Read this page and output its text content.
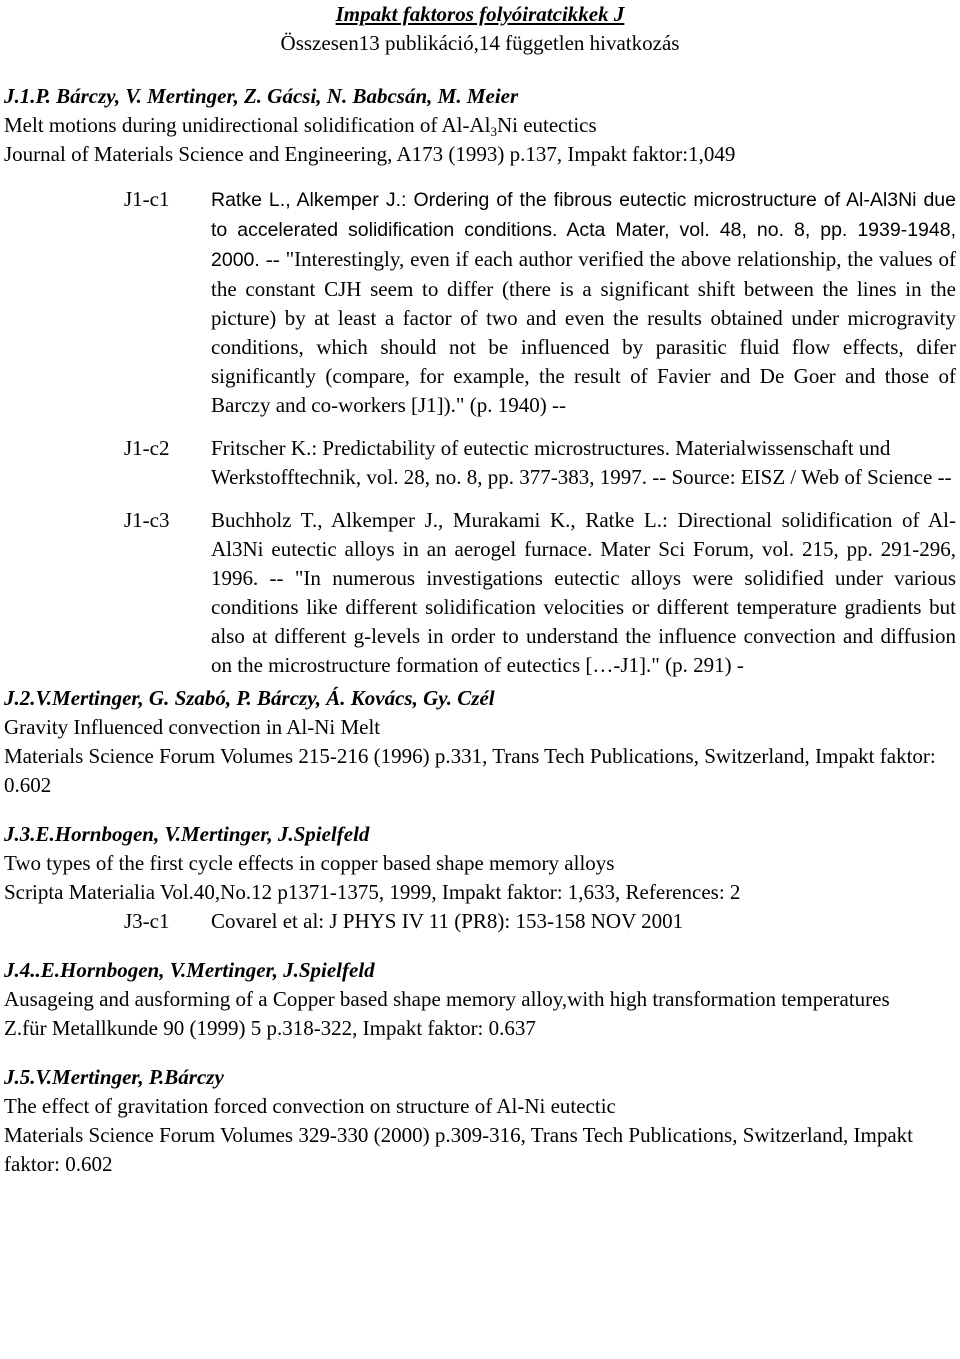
Impakt faktoros folyóiratcikkek J
Összesen13 publikáció,14 független hivatkozás
J.1.P. Bárczy, V. Mertinger, Z. Gácsi, N. Babcsán, M. Meier
Melt motions during unidirectional solidification of $Al-Al_3Ni$ eutectics
Journal of Materials Science and Engineering, A173 (1993) p.137, Impakt faktor:1,049
J1-c1	Ratke L., Alkemper J.: Ordering of the fibrous eutectic microstructure of Al-Al3Ni due to accelerated solidification conditions. Acta Mater, vol. 48, no. 8, pp. 1939-1948, 2000. -- "Interestingly, even if each author verified the above relationship, the values of the constant CJH seem to differ (there is a significant shift between the lines in the picture) by at least a factor of two and even the results obtained under microgravity conditions, which should not be influenced by parasitic fluid flow effects, difer significantly (compare, for example, the result of Favier and De Goer and those of Barczy and co-workers [J1])." (p. 1940) --
J1-c2	Fritscher K.: Predictability of eutectic microstructures. Materialwissenschaft und Werkstofftechnik, vol. 28, no. 8, pp. 377-383, 1997. -- Source: EISZ / Web of Science --
J1-c3	Buchholz T., Alkemper J., Murakami K., Ratke L.: Directional solidification of Al-Al3Ni eutectic alloys in an aerogel furnace. Mater Sci Forum, vol. 215, pp. 291-296, 1996. -- "In numerous investigations eutectic alloys were solidified under various conditions like different solidification velocities or different temperature gradients but also at different g-levels in order to understand the influence convection and diffusion on the microstructure formation of eutectics […-J1]." (p. 291) -
J.2.V.Mertinger, G. Szabó, P. Bárczy, Á. Kovács, Gy. Czél
Gravity Influenced convection in Al-Ni Melt
Materials Science Forum Volumes 215-216 (1996) p.331, Trans Tech Publications, Switzerland, Impakt faktor: 0.602
J.3.E.Hornbogen, V.Mertinger, J.Spielfeld
Two types of the first cycle effects in copper based shape memory alloys
Scripta Materialia Vol.40,No.12 p1371-1375, 1999, Impakt faktor: 1,633, References: 2
J3-c1	Covarel et al: J PHYS IV 11 (PR8): 153-158 NOV 2001
J.4..E.Hornbogen, V.Mertinger, J.Spielfeld
Ausageing and ausforming of a Copper based shape memory alloy,with high transformation temperatures
Z.für Metallkunde 90 (1999) 5 p.318-322, Impakt faktor: 0.637
J.5.V.Mertinger, P.Bárczy
The effect of gravitation forced convection on structure of Al-Ni eutectic
Materials Science Forum Volumes 329-330 (2000) p.309-316, Trans Tech Publications, Switzerland, Impakt faktor: 0.602
